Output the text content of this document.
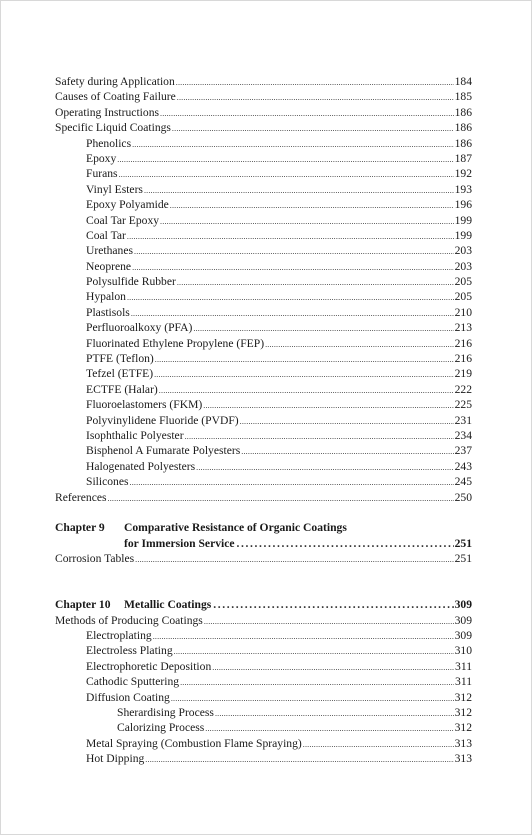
Safety during Application .....	184
Causes of Coating Failure .....	185
Operating Instructions .....	186
Specific Liquid Coatings .....	186
Phenolics .....	186
Epoxy .....	187
Furans .....	192
Vinyl Esters .....	193
Epoxy Polyamide .....	196
Coal Tar Epoxy .....	199
Coal Tar .....	199
Urethanes .....	203
Neoprene .....	203
Polysulfide Rubber .....	205
Hypalon .....	205
Plastisols .....	210
Perfluoroalkoxy (PFA) .....	213
Fluorinated Ethylene Propylene (FEP) .....	216
PTFE (Teflon) .....	216
Tefzel (ETFE) .....	219
ECTFE (Halar) .....	222
Fluoroelastomers (FKM) .....	225
Polyvinylidene Fluoride (PVDF) .....	231
Isophthalic Polyester .....	234
Bisphenol A Fumarate Polyesters .....	237
Halogenated Polyesters .....	243
Silicones .....	245
References .....	250
Chapter 9 Comparative Resistance of Organic Coatings
for Immersion Service .....	251
Corrosion Tables .....	251
Chapter 10 Metallic Coatings .....	309
Methods of Producing Coatings .....	309
Electroplating .....	309
Electroless Plating .....	310
Electrophoretic Deposition .....	311
Cathodic Sputtering .....	311
Diffusion Coating .....	312
Sherardising Process .....	312
Calorizing Process .....	312
Metal Spraying (Combustion Flame Spraying) .....	313
Hot Dipping .....	313
